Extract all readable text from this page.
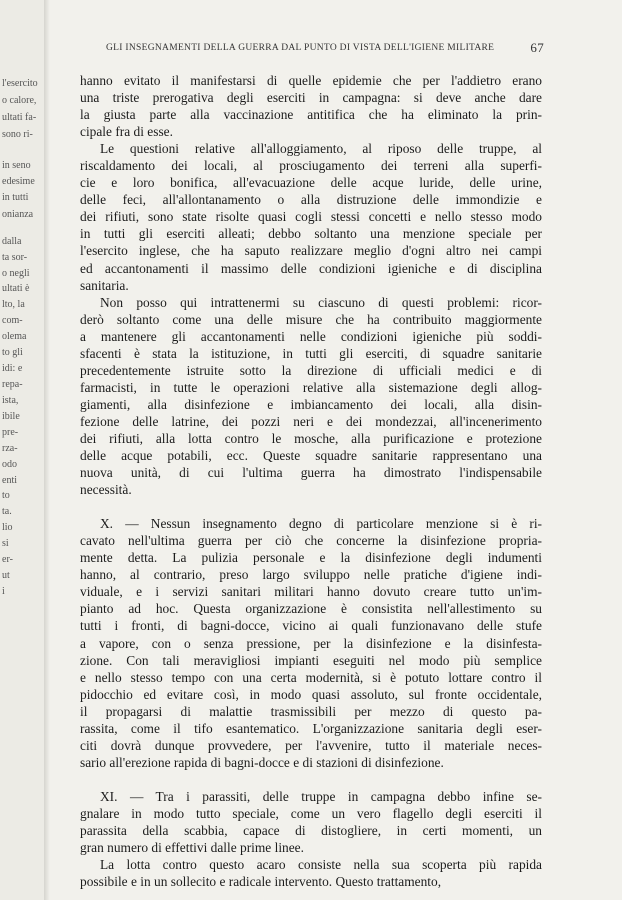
l'esercito
o calore,
ultati fa-
sono ri-
in seno
edesime
in tutti
onianza
dalla
ta sor-
o negli
ultati è
lto, la
com-
olema
to gli
idi: e
repa-
ista,
ibile
pre-
rza-
odo
enti
to
ta.
lio
si
er-
ut
i
GLI INSEGNAMENTI DELLA GUERRA DAL PUNTO DI VISTA DELL'IGIENE MILITARE	67
hanno evitato il manifestarsi di quelle epidemie che per l'addietro erano
una triste prerogativa degli eserciti in campagna: si deve anche dare
la giusta parte alla vaccinazione antitifica che ha eliminato la prin-
cipale fra di esse.
Le questioni relative all'alloggiamento, al riposo delle truppe, al
riscaldamento dei locali, al prosciugamento dei terreni alla superfi-
cie e loro bonifica, all'evacuazione delle acque luride, delle urine,
delle feci, all'allontanamento o alla distruzione delle immondizie e
dei rifiuti, sono state risolte quasi cogli stessi concetti e nello stesso modo
in tutti gli eserciti alleati; debbo soltanto una menzione speciale per
l'esercito inglese, che ha saputo realizzare meglio d'ogni altro nei campi
ed accantonamenti il massimo delle condizioni igieniche e di disciplina
sanitaria.
Non posso qui intrattenermi su ciascuno di questi problemi: ricor-
derò soltanto come una delle misure che ha contribuito maggiormente
a mantenere gli accantonamenti nelle condizioni igieniche più soddi-
sfacenti è stata la istituzione, in tutti gli eserciti, di squadre sanitarie
precedentemente istruite sotto la direzione di ufficiali medici e di
farmacisti, in tutte le operazioni relative alla sistemazione degli allog-
giamenti, alla disinfezione e imbiancamento dei locali, alla disin-
fezione delle latrine, dei pozzi neri e dei mondezzai, all'incenerimento
dei rifiuti, alla lotta contro le mosche, alla purificazione e protezione
delle acque potabili, ecc. Queste squadre sanitarie rappresentano una
nuova unità, di cui l'ultima guerra ha dimostrato l'indispensabile
necessità.
X. — Nessun insegnamento degno di particolare menzione si è ri-
cavato nell'ultima guerra per ciò che concerne la disinfezione propria-
mente detta. La pulizia personale e la disinfezione degli indumenti
hanno, al contrario, preso largo sviluppo nelle pratiche d'igiene indi-
viduale, e i servizi sanitari militari hanno dovuto creare tutto un'im-
pianto ad hoc. Questa organizzazione è consistita nell'allestimento su
tutti i fronti, di bagni-docce, vicino ai quali funzionavano delle stufe
a vapore, con o senza pressione, per la disinfezione e la disinfesta-
zione. Con tali meravigliosi impianti eseguiti nel modo più semplice
e nello stesso tempo con una certa modernità, si è potuto lottare contro il
pidocchio ed evitare così, in modo quasi assoluto, sul fronte occidentale,
il propagarsi di malattie trasmissibili per mezzo di questo pa-
rassita, come il tifo esantematico. L'organizzazione sanitaria degli eser-
citi dovrà dunque provvedere, per l'avvenire, tutto il materiale neces-
sario all'erezione rapida di bagni-docce e di stazioni di disinfezione.
XI. — Tra i parassiti, delle truppe in campagna debbo infine se-
gnalare in modo tutto speciale, come un vero flagello degli eserciti il
parassita della scabbia, capace di distogliere, in certi momenti, un
gran numero di effettivi dalle prime linee.
La lotta contro questo acaro consiste nella sua scoperta più rapida
possibile e in un sollecito e radicale intervento. Questo trattamento,
